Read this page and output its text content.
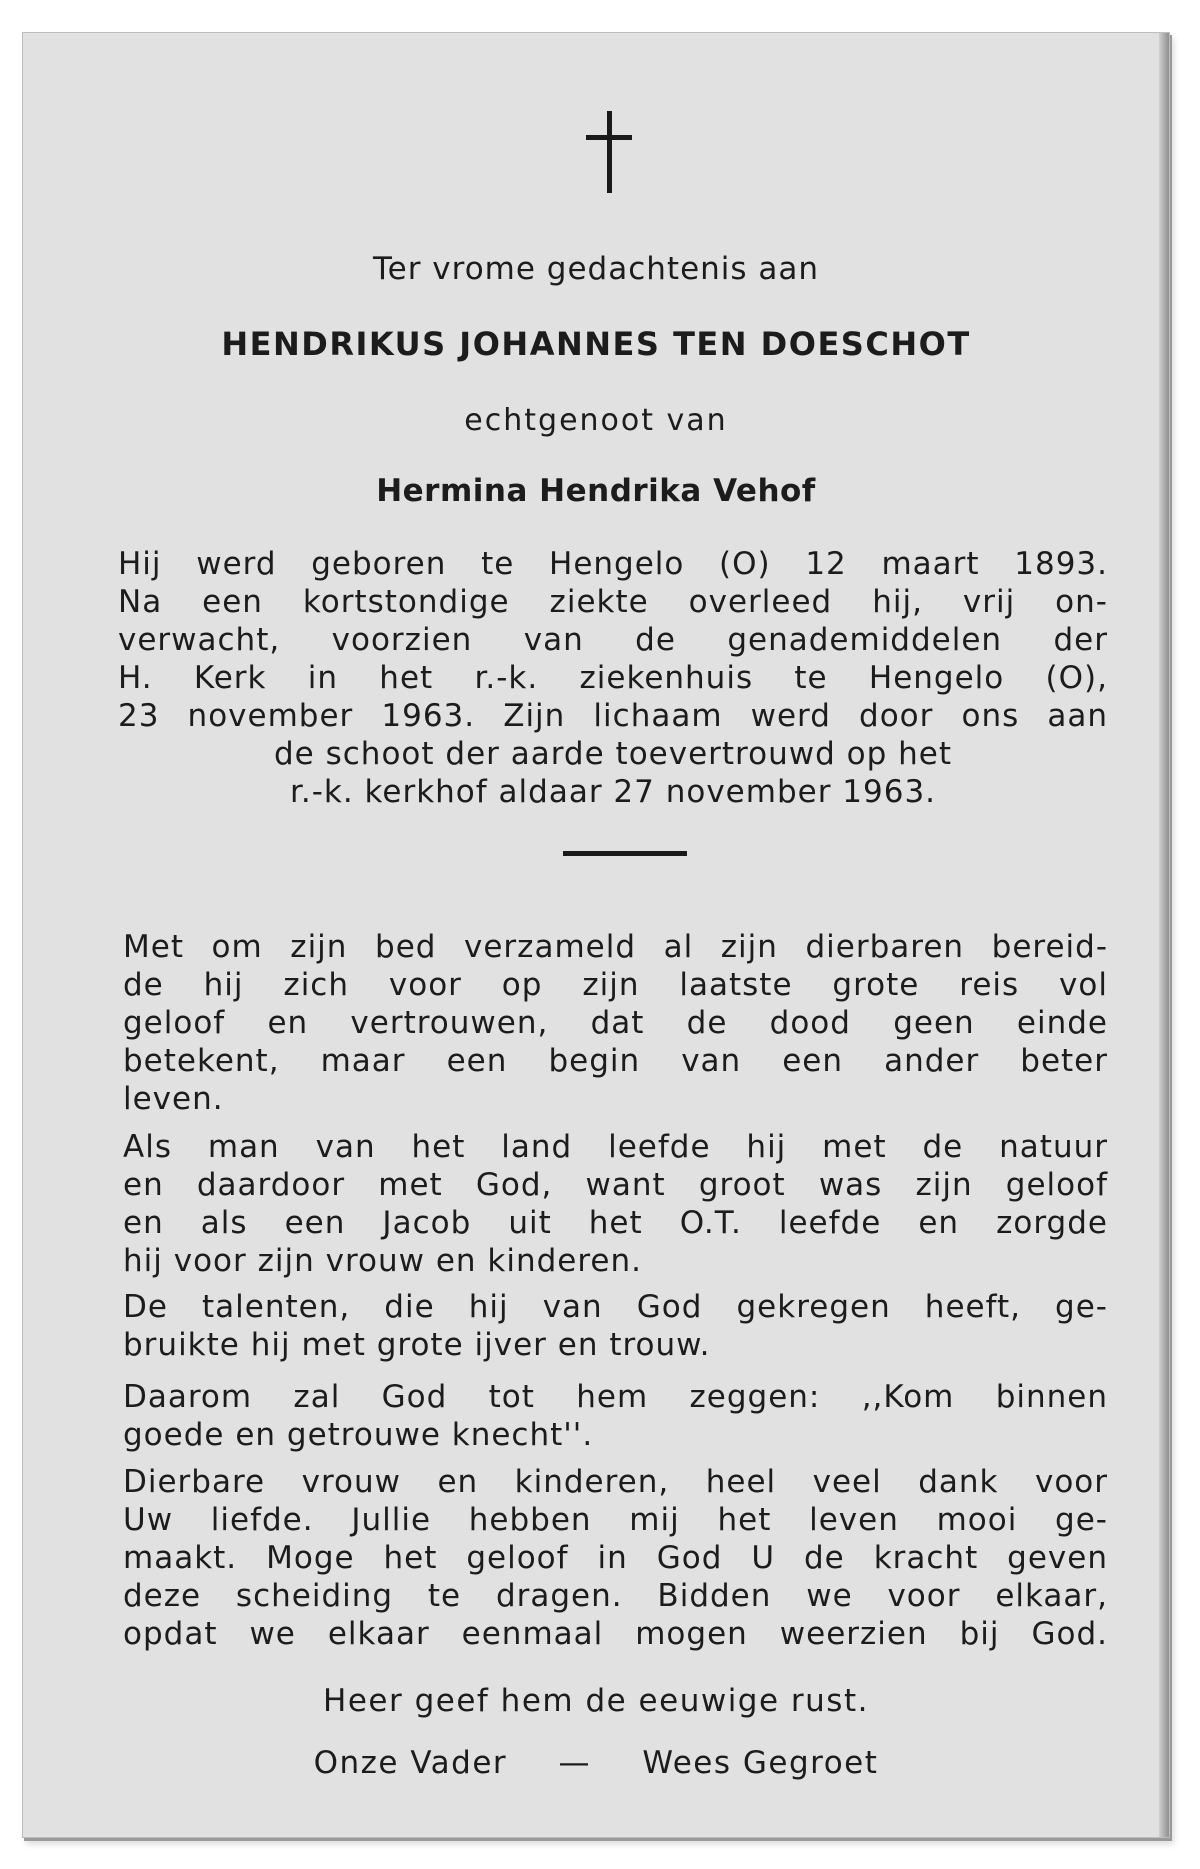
Ter vrome gedachtenis aan
HENDRIKUS JOHANNES TEN DOESCHOT
echtgenoot van
Hermina Hendrika Vehof
Hij werd geboren te Hengelo (O) 12 maart 1893.
Na een kortstondige ziekte overleed hij, vrij on-
verwacht, voorzien van de genademiddelen der
H. Kerk in het r.-k. ziekenhuis te Hengelo (O),
23 november 1963. Zijn lichaam werd door ons aan
de schoot der aarde toevertrouwd op het
r.-k. kerkhof aldaar 27 november 1963.
Met om zijn bed verzameld al zijn dierbaren bereid-
de hij zich voor op zijn laatste grote reis vol
geloof en vertrouwen, dat de dood geen einde
betekent, maar een begin van een ander beter
leven.
Als man van het land leefde hij met de natuur
en daardoor met God, want groot was zijn geloof
en als een Jacob uit het O.T. leefde en zorgde
hij voor zijn vrouw en kinderen.
De talenten, die hij van God gekregen heeft, ge-
bruikte hij met grote ijver en trouw.
Daarom zal God tot hem zeggen: ,,Kom binnen
goede en getrouwe knecht''.
Dierbare vrouw en kinderen, heel veel dank voor
Uw liefde. Jullie hebben mij het leven mooi ge-
maakt. Moge het geloof in God U de kracht geven
deze scheiding te dragen. Bidden we voor elkaar,
opdat we elkaar eenmaal mogen weerzien bij God.
Heer geef hem de eeuwige rust.
Onze Vader — Wees Gegroet
